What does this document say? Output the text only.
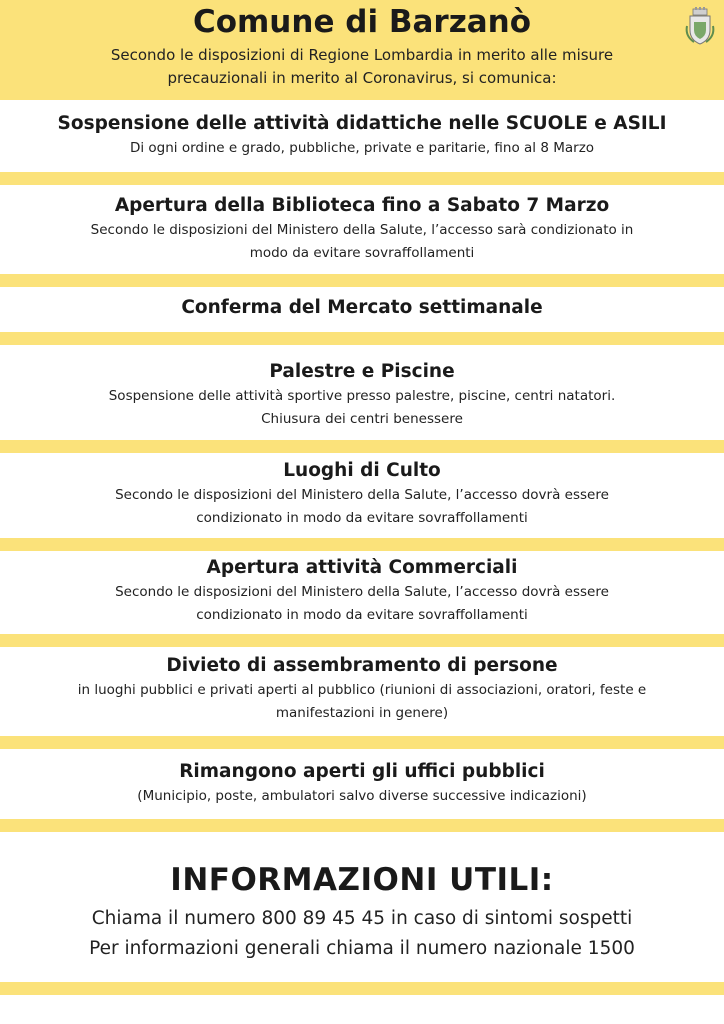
Comune di Barzanò
Secondo le disposizioni di Regione Lombardia in merito alle misure
precauzionali in merito al Coronavirus, si comunica:
Sospensione delle attività didattiche nelle SCUOLE e ASILI
Di ogni ordine e grado, pubbliche, private e paritarie, fino al 8 Marzo
Apertura della Biblioteca fino a Sabato 7 Marzo
Secondo le disposizioni del Ministero della Salute, l’accesso sarà condizionato in
modo da evitare sovraffollamenti
Conferma del Mercato settimanale
Palestre e Piscine
Sospensione delle attività sportive presso palestre, piscine, centri natatori.
Chiusura dei centri benessere
Luoghi di Culto
Secondo le disposizioni del Ministero della Salute, l’accesso dovrà essere
condizionato in modo da evitare sovraffollamenti
Apertura attività Commerciali
Secondo le disposizioni del Ministero della Salute, l’accesso dovrà essere
condizionato in modo da evitare sovraffollamenti
Divieto di assembramento di persone
in luoghi pubblici e privati aperti al pubblico (riunioni di associazioni, oratori, feste e
manifestazioni in genere)
Rimangono aperti gli uffici pubblici
(Municipio, poste, ambulatori salvo diverse successive indicazioni)
INFORMAZIONI UTILI:
Chiama il numero 800 89 45 45 in caso di sintomi sospetti
Per informazioni generali chiama il numero nazionale 1500
